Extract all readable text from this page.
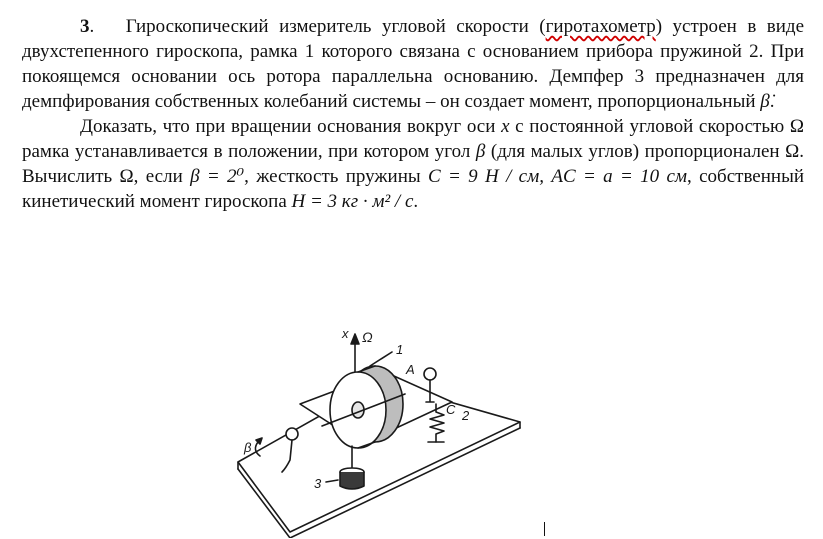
3. Гироскопический измеритель угловой скорости (гиротахометр) устроен в виде двухстепенного гироскопа, рамка 1 которого связана с основанием прибора пружиной 2. При покоящемся основании ось ротора параллельна основанию. Демпфер 3 предназначен для демпфирования собственных колебаний системы – он создает момент, пропорциональный β̇.

Доказать, что при вращении основания вокруг оси x с постоянной угловой скоростью Ω рамка устанавливается в положении, при котором угол β (для малых углов) пропорционален Ω. Вычислить Ω, если β = 2⁰, жесткость пружины C = 9 Н / см, AC = a = 10 см, собственный кинетический момент гироскопа H = 3 кг · м² / с.

x Ω
1
A
C 2
β
3
